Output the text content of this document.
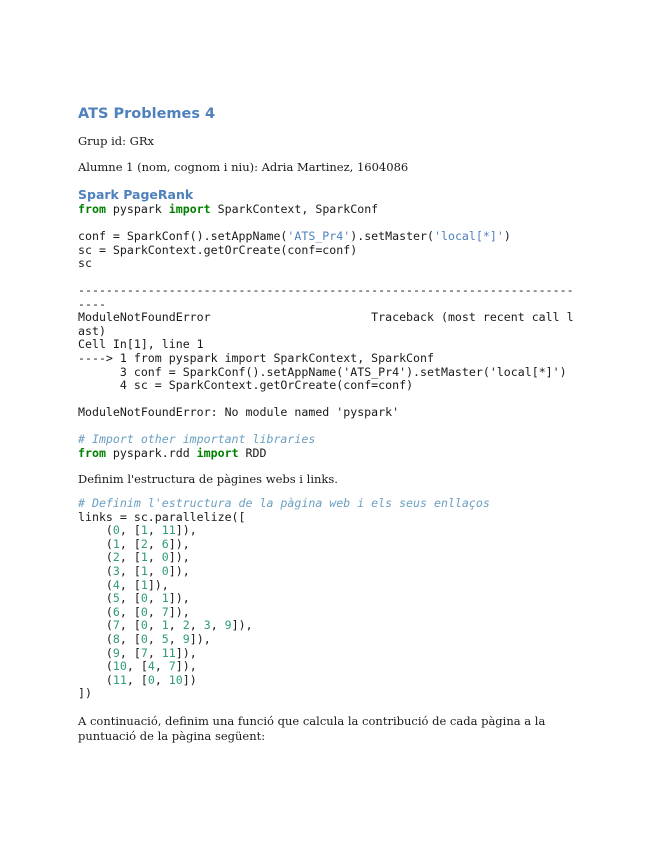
ATS Problemes 4

Grup id: GRx

Alumne 1 (nom, cognom i niu): Adria Martinez, 1604086

Spark PageRank
from pyspark import SparkContext, SparkConf

conf = SparkConf().setAppName('ATS_Pr4').setMaster('local[*]')
sc = SparkContext.getOrCreate(conf=conf)
sc
---------------------------------------------------------------------------
ModuleNotFoundError                       Traceback (most recent call last)
Cell In[1], line 1
----> 1 from pyspark import SparkContext, SparkConf
3 conf = SparkConf().setAppName('ATS_Pr4').setMaster('local[*]')
4 sc = SparkContext.getOrCreate(conf=conf)

ModuleNotFoundError: No module named 'pyspark'
# Import other important libraries
from pyspark.rdd import RDD

Definim l'estructura de pàgines webs i links.

# Definim l'estructura de la pàgina web i els seus enllaços
links = sc.parallelize([
(0, [1, 11]),
(1, [2, 6]),
(2, [1, 0]),
(3, [1, 0]),
(4, [1]),
(5, [0, 1]),
(6, [0, 7]),
(7, [0, 1, 2, 3, 9]),
(8, [0, 5, 9]),
(9, [7, 11]),
(10, [4, 7]),
(11, [0, 10])
])

A continuació, definim una funció que calcula la contribució de cada pàgina a la puntuació de la pàgina següent:
